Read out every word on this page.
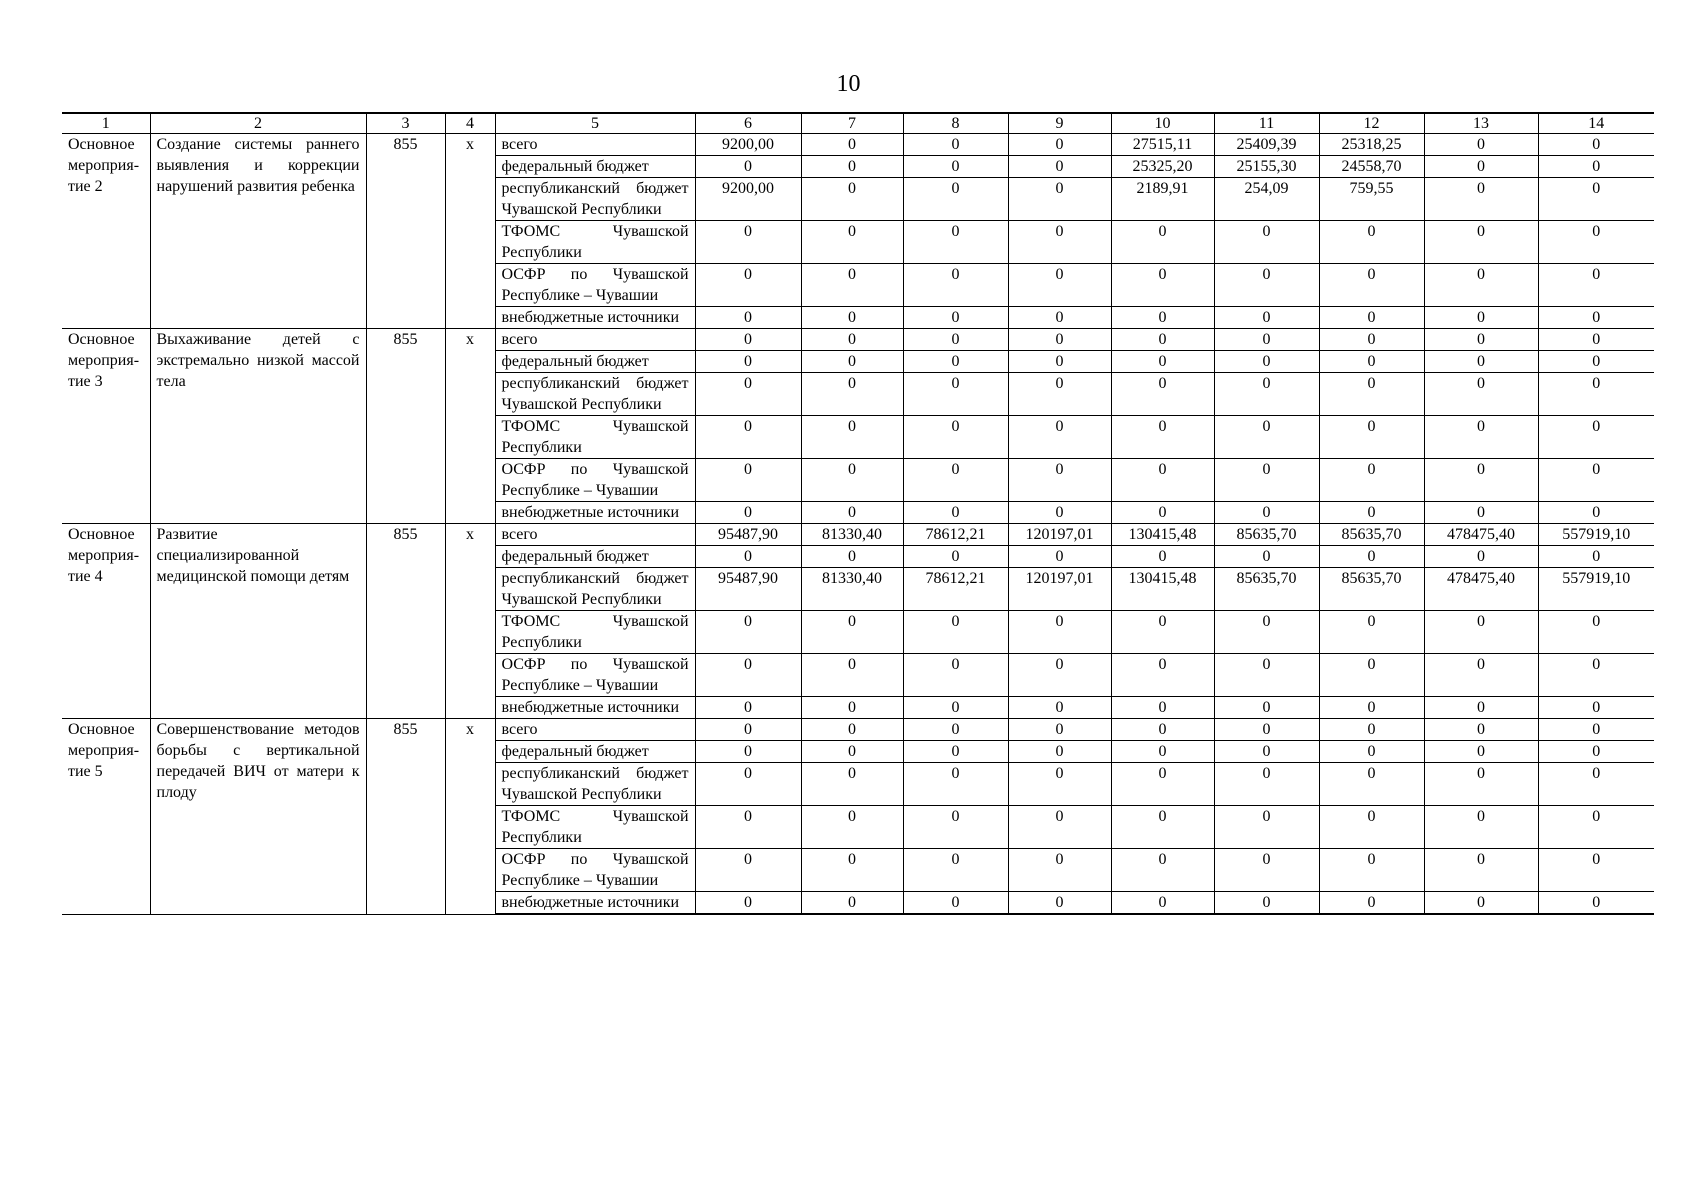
10
1	2	3	4	5	6	7	8	9	10	11	12	13	14
Основное мероприя-тие 2	Создание системы раннего выявления и коррекции нарушений развития ребенка	855	х	всего	9200,00	0	0	0	27515,11	25409,39	25318,25	0	0
				федеральный бюджет	0	0	0	0	25325,20	25155,30	24558,70	0	0
				республиканский бюджет Чувашской Республики	9200,00	0	0	0	2189,91	254,09	759,55	0	0
				ТФОМС Чувашской Республики	0	0	0	0	0	0	0	0	0
				ОСФР по Чувашской Республике – Чувашии	0	0	0	0	0	0	0	0	0
				внебюджетные источники	0	0	0	0	0	0	0	0	0
Основное мероприя-тие 3	Выхаживание детей с экстремально низкой массой тела	855	х	всего	0	0	0	0	0	0	0	0	0
				федеральный бюджет	0	0	0	0	0	0	0	0	0
				республиканский бюджет Чувашской Республики	0	0	0	0	0	0	0	0	0
				ТФОМС Чувашской Республики	0	0	0	0	0	0	0	0	0
				ОСФР по Чувашской Республике – Чувашии	0	0	0	0	0	0	0	0	0
				внебюджетные источники	0	0	0	0	0	0	0	0	0
Основное мероприя-тие 4	Развитие специализированной медицинской помощи детям	855	х	всего	95487,90	81330,40	78612,21	120197,01	130415,48	85635,70	85635,70	478475,40	557919,10
				федеральный бюджет	0	0	0	0	0	0	0	0	0
				республиканский бюджет Чувашской Республики	95487,90	81330,40	78612,21	120197,01	130415,48	85635,70	85635,70	478475,40	557919,10
				ТФОМС Чувашской Республики	0	0	0	0	0	0	0	0	0
				ОСФР по Чувашской Республике – Чувашии	0	0	0	0	0	0	0	0	0
				внебюджетные источники	0	0	0	0	0	0	0	0	0
Основное мероприя-тие 5	Совершенствование методов борьбы с вертикальной передачей ВИЧ от матери к плоду	855	х	всего	0	0	0	0	0	0	0	0	0
				федеральный бюджет	0	0	0	0	0	0	0	0	0
				республиканский бюджет Чувашской Республики	0	0	0	0	0	0	0	0	0
				ТФОМС Чувашской Республики	0	0	0	0	0	0	0	0	0
				ОСФР по Чувашской Республике – Чувашии	0	0	0	0	0	0	0	0	0
				внебюджетные источники	0	0	0	0	0	0	0	0	0
